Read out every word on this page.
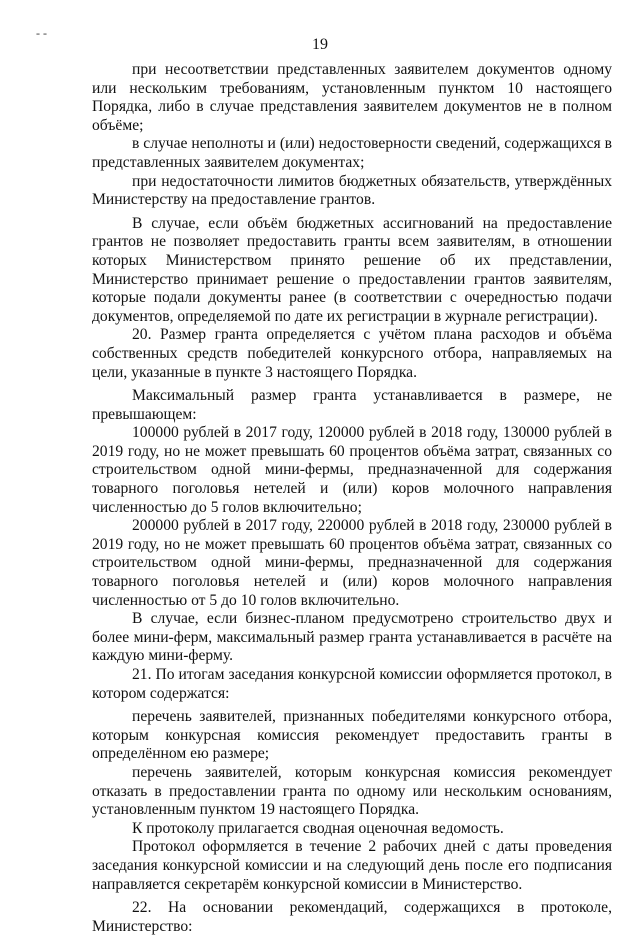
- -
19

при несоответствии представленных заявителем документов одному или нескольким требованиям, установленным пунктом 10 настоящего Порядка, либо в случае представления заявителем документов не в полном объёме;

в случае неполноты и (или) недостоверности сведений, содержащихся в представленных заявителем документах;

при недостаточности лимитов бюджетных обязательств, утверждённых Министерству на предоставление грантов.

В случае, если объём бюджетных ассигнований на предоставление грантов не позволяет предоставить гранты всем заявителям, в отношении которых Министерством принято решение об их представлении, Министерство принимает решение о предоставлении грантов заявителям, которые подали документы ранее (в соответствии с очередностью подачи документов, определяемой по дате их регистрации в журнале регистрации).

20. Размер гранта определяется с учётом плана расходов и объёма собственных средств победителей конкурсного отбора, направляемых на цели, указанные в пункте 3 настоящего Порядка.

Максимальный размер гранта устанавливается в размере, не превышающем:

100000 рублей в 2017 году, 120000 рублей в 2018 году, 130000 рублей в 2019 году, но не может превышать 60 процентов объёма затрат, связанных со строительством одной мини-фермы, предназначенной для содержания товарного поголовья нетелей и (или) коров молочного направления численностью до 5 голов включительно;

200000 рублей в 2017 году, 220000 рублей в 2018 году, 230000 рублей в 2019 году, но не может превышать 60 процентов объёма затрат, связанных со строительством одной мини-фермы, предназначенной для содержания товарного поголовья нетелей и (или) коров молочного направления численностью от 5 до 10 голов включительно.

В случае, если бизнес-планом предусмотрено строительство двух и более мини-ферм, максимальный размер гранта устанавливается в расчёте на каждую мини-ферму.

21. По итогам заседания конкурсной комиссии оформляется протокол, в котором содержатся:

перечень заявителей, признанных победителями конкурсного отбора, которым конкурсная комиссия рекомендует предоставить гранты в определённом ею размере;

перечень заявителей, которым конкурсная комиссия рекомендует отказать в предоставлении гранта по одному или нескольким основаниям, установленным пунктом 19 настоящего Порядка.

К протоколу прилагается сводная оценочная ведомость.

Протокол оформляется в течение 2 рабочих дней с даты проведения заседания конкурсной комиссии и на следующий день после его подписания направляется секретарём конкурсной комиссии в Министерство.

22. На основании рекомендаций, содержащихся в протоколе, Министерство:
